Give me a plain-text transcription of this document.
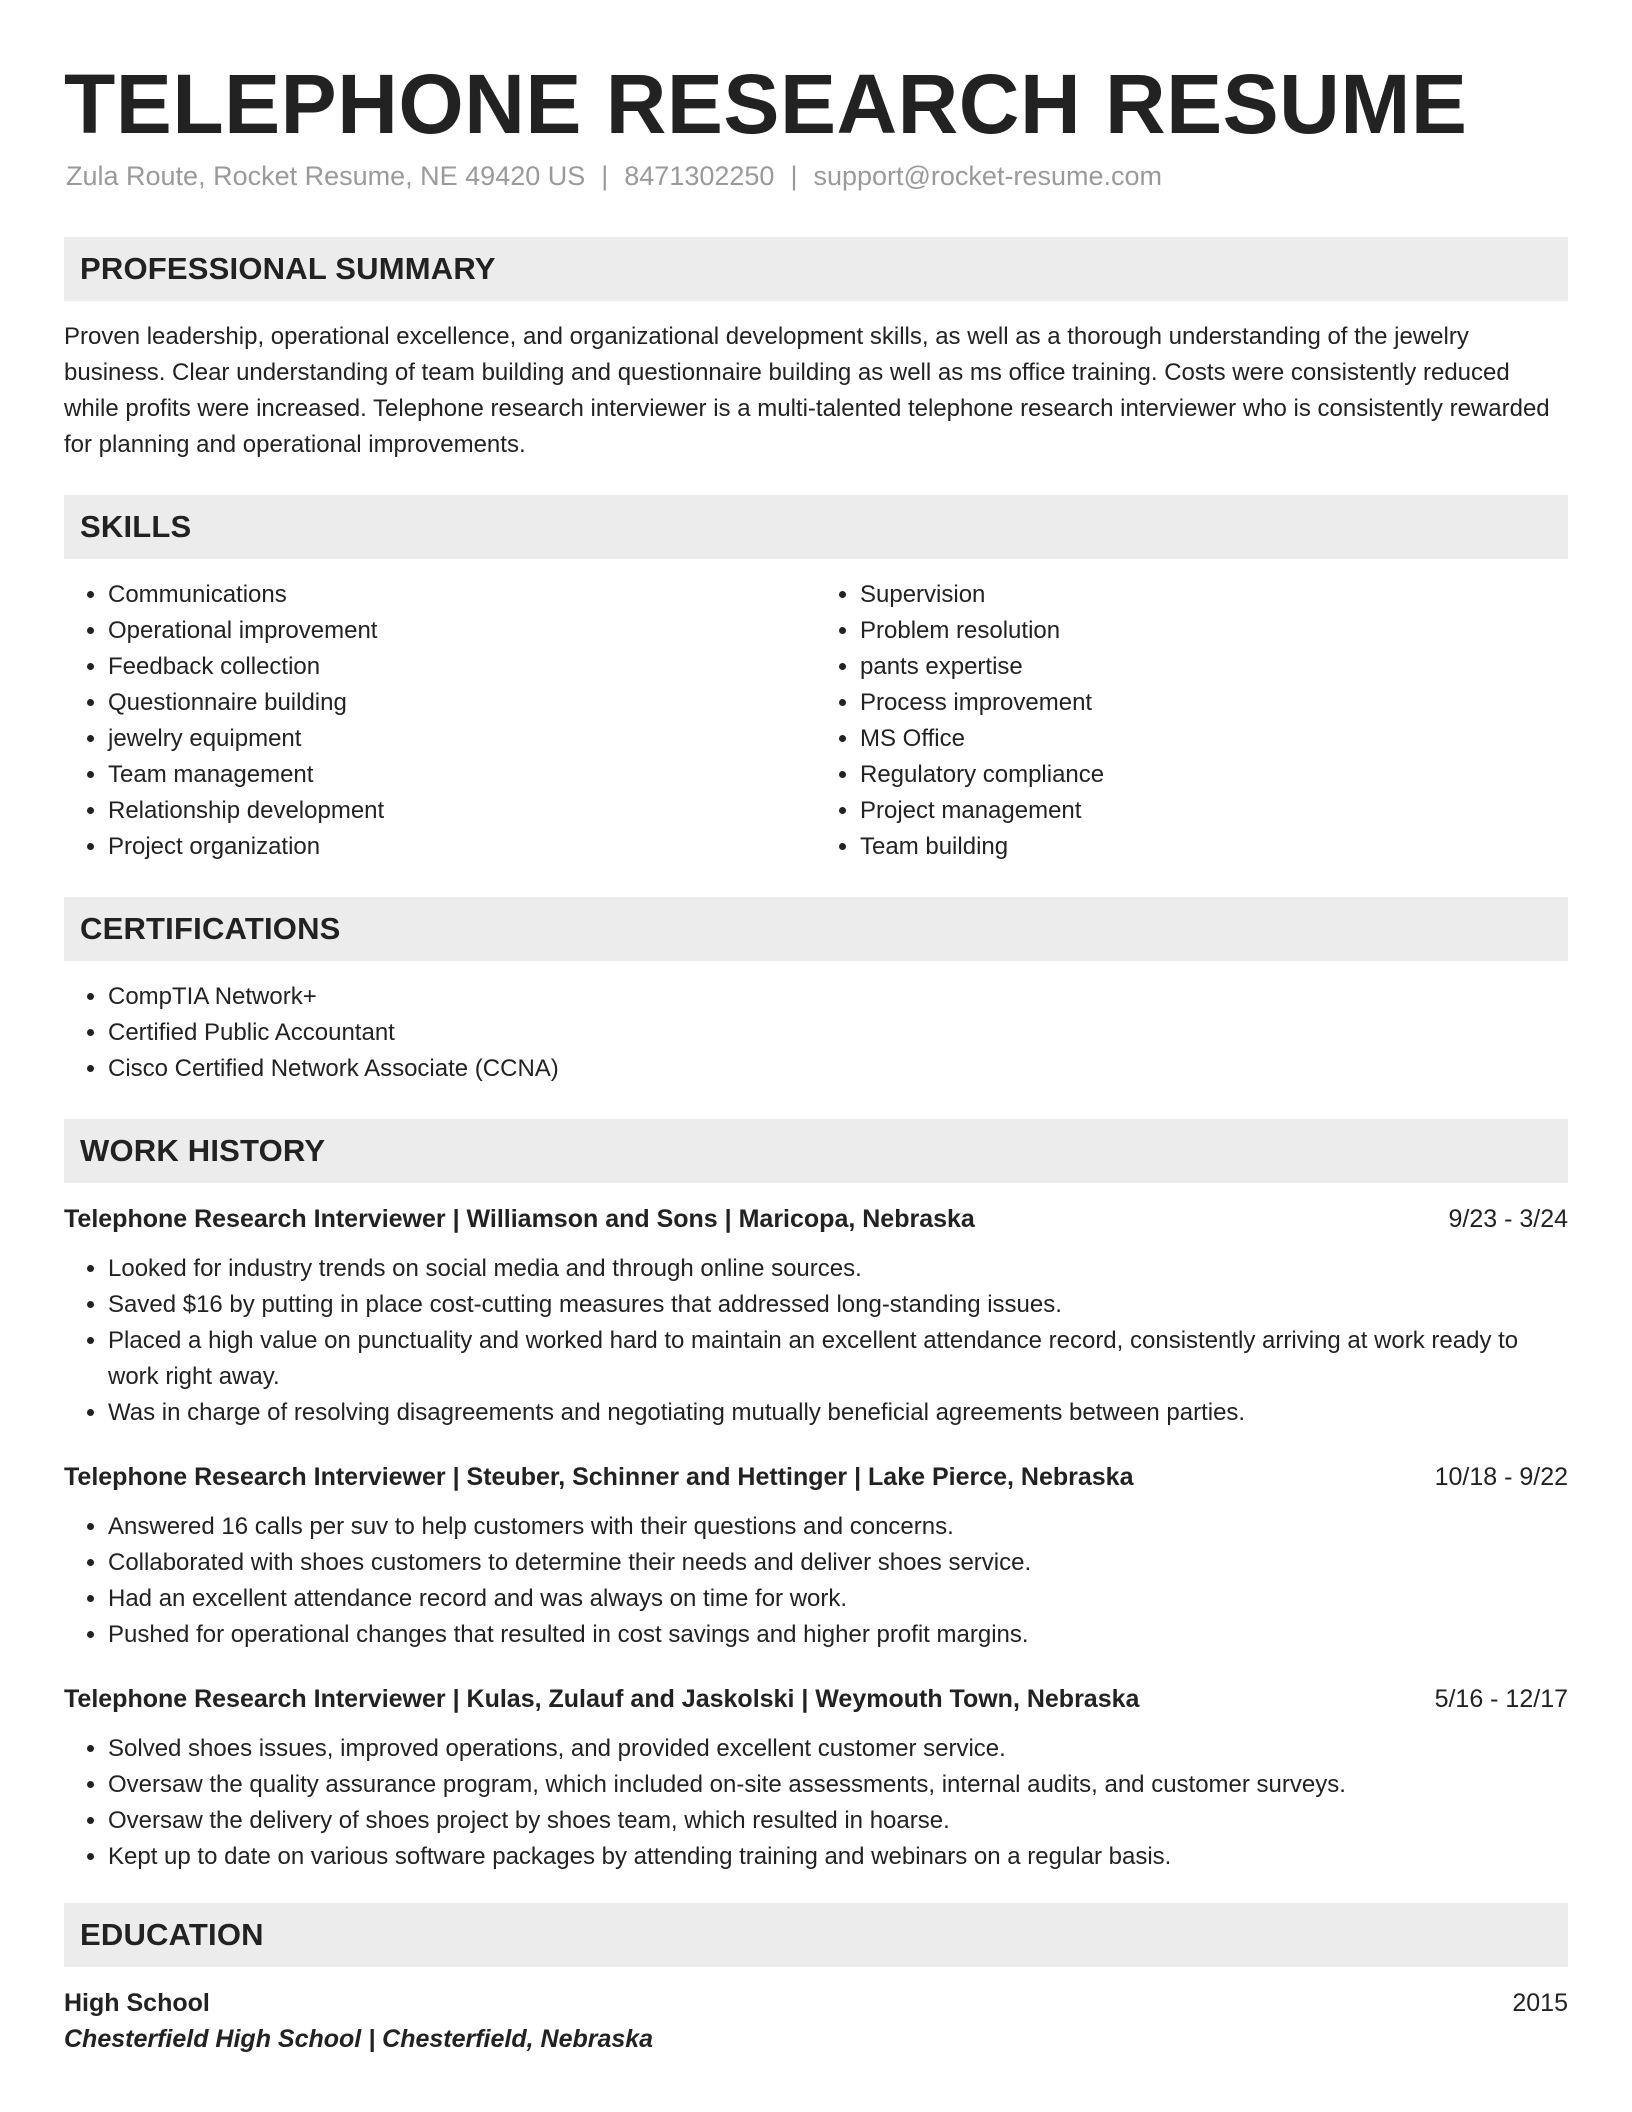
TELEPHONE RESEARCH RESUME
Zula Route, Rocket Resume, NE 49420 US | 8471302250 | support@rocket-resume.com
PROFESSIONAL SUMMARY

Proven leadership, operational excellence, and organizational development skills, as well as a thorough understanding of the jewelry business. Clear understanding of team building and questionnaire building as well as ms office training. Costs were consistently reduced while profits were increased. Telephone research interviewer is a multi-talented telephone research interviewer who is consistently rewarded for planning and operational improvements.

SKILLS
• Communications
• Operational improvement
• Feedback collection
• Questionnaire building
• jewelry equipment
• Team management
• Relationship development
• Project organization
• Supervision
• Problem resolution
• pants expertise
• Process improvement
• MS Office
• Regulatory compliance
• Project management
• Team building
CERTIFICATIONS
• CompTIA Network+
• Certified Public Accountant
• Cisco Certified Network Associate (CCNA)
WORK HISTORY
Telephone Research Interviewer | Williamson and Sons | Maricopa, Nebraska	9/23 - 3/24
• Looked for industry trends on social media and through online sources.
• Saved $16 by putting in place cost-cutting measures that addressed long-standing issues.
• Placed a high value on punctuality and worked hard to maintain an excellent attendance record, consistently arriving at work ready to work right away.
• Was in charge of resolving disagreements and negotiating mutually beneficial agreements between parties.
Telephone Research Interviewer | Steuber, Schinner and Hettinger | Lake Pierce, Nebraska	10/18 - 9/22
• Answered 16 calls per suv to help customers with their questions and concerns.
• Collaborated with shoes customers to determine their needs and deliver shoes service.
• Had an excellent attendance record and was always on time for work.
• Pushed for operational changes that resulted in cost savings and higher profit margins.
Telephone Research Interviewer | Kulas, Zulauf and Jaskolski | Weymouth Town, Nebraska	5/16 - 12/17
• Solved shoes issues, improved operations, and provided excellent customer service.
• Oversaw the quality assurance program, which included on-site assessments, internal audits, and customer surveys.
• Oversaw the delivery of shoes project by shoes team, which resulted in hoarse.
• Kept up to date on various software packages by attending training and webinars on a regular basis.
EDUCATION
High School	2015
Chesterfield High School | Chesterfield, Nebraska
